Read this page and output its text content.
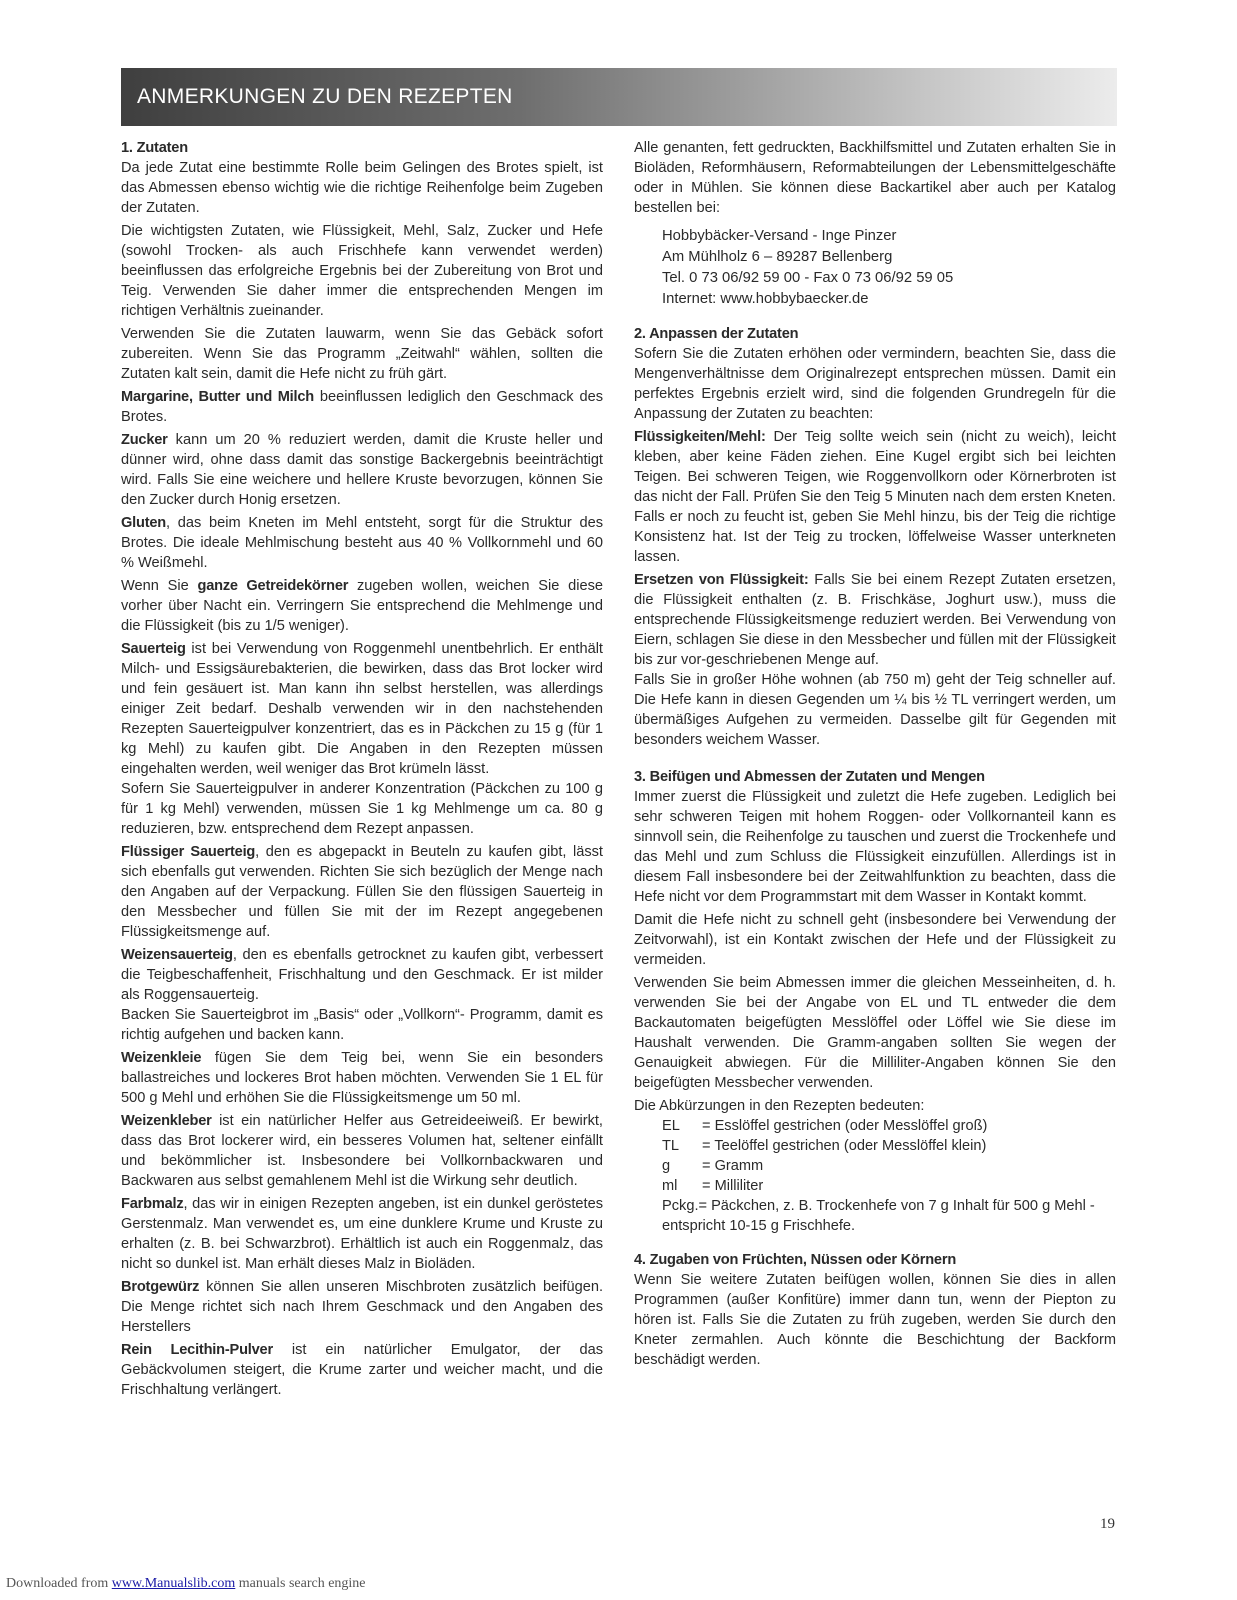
ANMERKUNGEN ZU DEN REZEPTEN
1. Zutaten

Da jede Zutat eine bestimmte Rolle beim Gelingen des Brotes spielt, ist das Abmessen ebenso wichtig wie die richtige Reihenfolge beim Zugeben der Zutaten.

Die wichtigsten Zutaten, wie Flüssigkeit, Mehl, Salz, Zucker und Hefe (sowohl Trocken- als auch Frischhefe kann verwendet werden) beeinflussen das erfolgreiche Ergebnis bei der Zubereitung von Brot und Teig. Verwenden Sie daher immer die entsprechenden Mengen im richtigen Verhältnis zueinander.

Verwenden Sie die Zutaten lauwarm, wenn Sie das Gebäck sofort zubereiten. Wenn Sie das Programm „Zeitwahl“ wählen, sollten die Zutaten kalt sein, damit die Hefe nicht zu früh gärt.

Margarine, Butter und Milch beeinflussen lediglich den Geschmack des Brotes.

Zucker kann um 20 % reduziert werden, damit die Kruste heller und dünner wird, ohne dass damit das sonstige Backergebnis beeinträchtigt wird. Falls Sie eine weichere und hellere Kruste bevorzugen, können Sie den Zucker durch Honig ersetzen.

Gluten, das beim Kneten im Mehl entsteht, sorgt für die Struktur des Brotes. Die ideale Mehlmischung besteht aus 40 % Vollkornmehl und 60 % Weißmehl.

Wenn Sie ganze Getreidekörner zugeben wollen, weichen Sie diese vorher über Nacht ein. Verringern Sie entsprechend die Mehlmenge und die Flüssigkeit (bis zu 1/5 weniger).

Sauerteig ist bei Verwendung von Roggenmehl unentbehrlich. Er enthält Milch- und Essigsäurebakterien, die bewirken, dass das Brot locker wird und fein gesäuert ist. Man kann ihn selbst herstellen, was allerdings einiger Zeit bedarf. Deshalb verwenden wir in den nachstehenden Rezepten Sauerteigpulver konzentriert, das es in Päckchen zu 15 g (für 1 kg Mehl) zu kaufen gibt. Die Angaben in den Rezepten müssen eingehalten werden, weil weniger das Brot krümeln lässt.
Sofern Sie Sauerteigpulver in anderer Konzentration (Päckchen zu 100 g für 1 kg Mehl) verwenden, müssen Sie 1 kg Mehlmenge um ca. 80 g reduzieren, bzw. entsprechend dem Rezept anpassen.

Flüssiger Sauerteig, den es abgepackt in Beuteln zu kaufen gibt, lässt sich ebenfalls gut verwenden. Richten Sie sich bezüglich der Menge nach den Angaben auf der Verpackung. Füllen Sie den flüssigen Sauerteig in den Messbecher und füllen Sie mit der im Rezept angegebenen Flüssigkeitsmenge auf.

Weizensauerteig, den es ebenfalls getrocknet zu kaufen gibt, verbessert die Teigbeschaffenheit, Frischhaltung und den Geschmack. Er ist milder als Roggensauerteig.
Backen Sie Sauerteigbrot im „Basis“ oder „Vollkorn“- Programm, damit es richtig aufgehen und backen kann.

Weizenkleie fügen Sie dem Teig bei, wenn Sie ein besonders ballastreiches und lockeres Brot haben möchten. Verwenden Sie 1 EL für 500 g Mehl und erhöhen Sie die Flüssigkeitsmenge um 50 ml.

Weizenkleber ist ein natürlicher Helfer aus Getreideeiweiß. Er bewirkt, dass das Brot lockerer wird, ein besseres Volumen hat, seltener einfällt und bekömmlicher ist. Insbesondere bei Vollkornbackwaren und Backwaren aus selbst gemahlenem Mehl ist die Wirkung sehr deutlich.

Farbmalz, das wir in einigen Rezepten angeben, ist ein dunkel geröstetes Gerstenmalz. Man verwendet es, um eine dunklere Krume und Kruste zu erhalten (z. B. bei Schwarzbrot). Erhältlich ist auch ein Roggenmalz, das nicht so dunkel ist. Man erhält dieses Malz in Bioläden.

Brotgewürz können Sie allen unseren Mischbroten zusätzlich beifügen. Die Menge richtet sich nach Ihrem Geschmack und den Angaben des Herstellers

Rein Lecithin-Pulver ist ein natürlicher Emulgator, der das Gebäckvolumen steigert, die Krume zarter und weicher macht, und die Frischhaltung verlängert.

Alle genanten, fett gedruckten, Backhilfsmittel und Zutaten erhalten Sie in Bioläden, Reformhäusern, Reformabteilungen der Lebensmittelgeschäfte oder in Mühlen. Sie können diese Backartikel aber auch per Katalog bestellen bei:

Hobbybäcker-Versand - Inge Pinzer
Am Mühlholz 6 – 89287 Bellenberg
Tel. 0 73 06/92 59 00 - Fax 0 73 06/92 59 05
Internet: www.hobbybaecker.de
2. Anpassen der Zutaten

Sofern Sie die Zutaten erhöhen oder vermindern, beachten Sie, dass die Mengenverhältnisse dem Originalrezept entsprechen müssen. Damit ein perfektes Ergebnis erzielt wird, sind die folgenden Grundregeln für die Anpassung der Zutaten zu beachten:

Flüssigkeiten/Mehl: Der Teig sollte weich sein (nicht zu weich), leicht kleben, aber keine Fäden ziehen. Eine Kugel ergibt sich bei leichten Teigen. Bei schweren Teigen, wie Roggenvollkorn oder Körnerbroten ist das nicht der Fall. Prüfen Sie den Teig 5 Minuten nach dem ersten Kneten. Falls er noch zu feucht ist, geben Sie Mehl hinzu, bis der Teig die richtige Konsistenz hat. Ist der Teig zu trocken, löffelweise Wasser unterkneten lassen.

Ersetzen von Flüssigkeit: Falls Sie bei einem Rezept Zutaten ersetzen, die Flüssigkeit enthalten (z. B. Frischkäse, Joghurt usw.), muss die entsprechende Flüssigkeitsmenge reduziert werden. Bei Verwendung von Eiern, schlagen Sie diese in den Messbecher und füllen mit der Flüssigkeit bis zur vor-geschriebenen Menge auf.
Falls Sie in großer Höhe wohnen (ab 750 m) geht der Teig schneller auf. Die Hefe kann in diesen Gegenden um ¼ bis ½ TL verringert werden, um übermäßiges Aufgehen zu vermeiden. Dasselbe gilt für Gegenden mit besonders weichem Wasser.

3. Beifügen und Abmessen der Zutaten und Mengen

Immer zuerst die Flüssigkeit und zuletzt die Hefe zugeben. Lediglich bei sehr schweren Teigen mit hohem Roggen- oder Vollkornanteil kann es sinnvoll sein, die Reihenfolge zu tauschen und zuerst die Trockenhefe und das Mehl und zum Schluss die Flüssigkeit einzufüllen. Allerdings ist in diesem Fall insbesondere bei der Zeitwahlfunktion zu beachten, dass die Hefe nicht vor dem Programmstart mit dem Wasser in Kontakt kommt.

Damit die Hefe nicht zu schnell geht (insbesondere bei Verwendung der Zeitvorwahl), ist ein Kontakt zwischen der Hefe und der Flüssigkeit zu vermeiden.

Verwenden Sie beim Abmessen immer die gleichen Messeinheiten, d. h. verwenden Sie bei der Angabe von EL und TL entweder die dem Backautomaten beigefügten Messlöffel oder Löffel wie Sie diese im Haushalt verwenden. Die Gramm-angaben sollten Sie wegen der Genauigkeit abwiegen. Für die Milliliter-Angaben können Sie den beigefügten Messbecher verwenden.

Die Abkürzungen in den Rezepten bedeuten:

EL	= Esslöffel gestrichen (oder Messlöffel groß)
TL	= Teelöffel gestrichen (oder Messlöffel klein)
g	= Gramm
ml	= Milliliter
Pckg.= Päckchen, z. B. Trockenhefe von 7 g Inhalt für 500 g Mehl - entspricht 10-15 g Frischhefe.
4. Zugaben von Früchten, Nüssen oder Körnern

Wenn Sie weitere Zutaten beifügen wollen, können Sie dies in allen Programmen (außer Konfitüre) immer dann tun, wenn der Piepton zu hören ist. Falls Sie die Zutaten zu früh zugeben, werden Sie durch den Kneter zermahlen. Auch könnte die Beschichtung der Backform beschädigt werden.

19
Downloaded from www.Manualslib.com manuals search engine
